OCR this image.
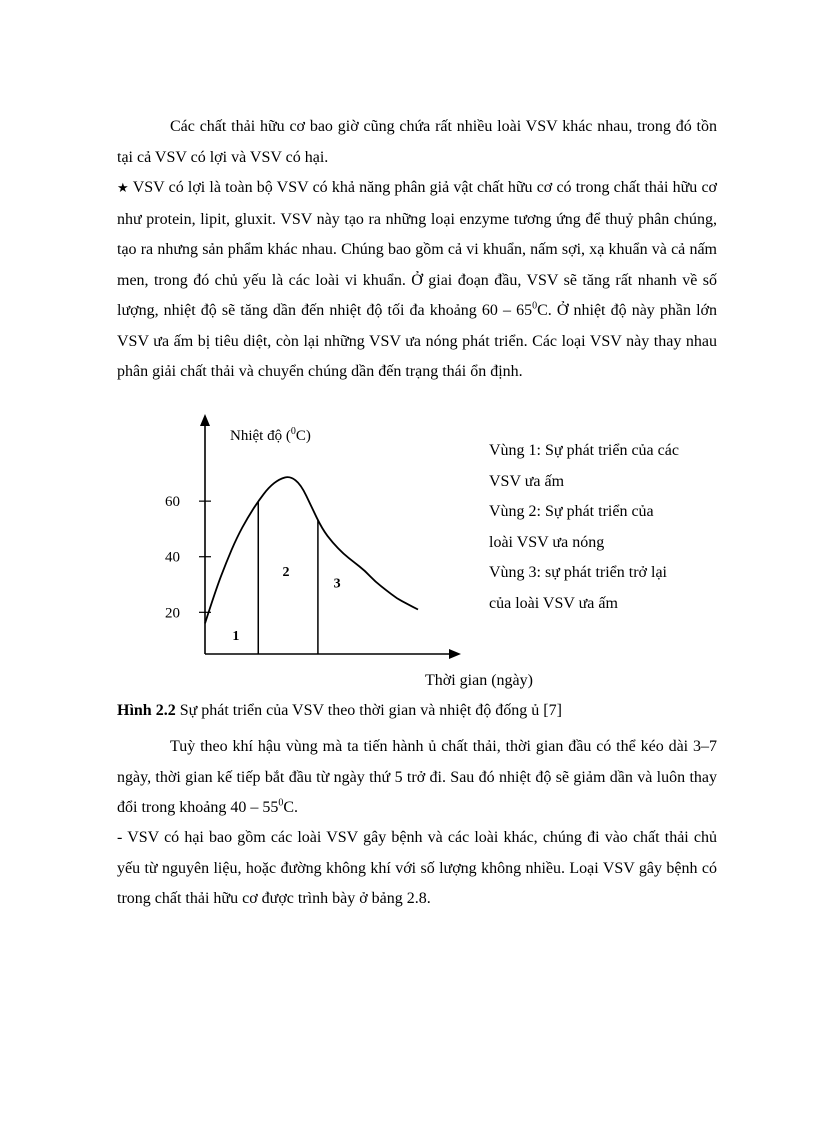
Các chất thải hữu cơ bao giờ cũng chứa rất nhiều loài VSV khác nhau, trong đó tồn tại cả VSV có lợi và VSV có hại.

★ VSV có lợi là toàn bộ VSV có khả năng phân giả vật chất hữu cơ có trong chất thải hữu cơ như protein, lipit, gluxit. VSV này tạo ra những loại enzyme tương ứng để thuỷ phân chúng, tạo ra nhưng sản phẩm khác nhau. Chúng bao gồm cả vi khuẩn, nấm sợi, xạ khuẩn và cả nấm men, trong đó chủ yếu là các loài vi khuẩn. Ở giai đoạn đầu, VSV sẽ tăng rất nhanh về số lượng, nhiệt độ sẽ tăng dần đến nhiệt độ tối đa khoảng $60 - 65^0C$. Ở nhiệt độ này phần lớn VSV ưa ấm bị tiêu diệt, còn lại những VSV ưa nóng phát triển. Các loại VSV này thay nhau phân giải chất thải và chuyển chúng dần đến trạng thái ổn định.

Nhiệt độ ($^0$C)
20
40
60
1
2
3
Thời gian (ngày)
Vùng 1: Sự phát triển của các
VSV ưa ấm
Vùng 2: Sự phát triển của
loài VSV ưa nóng
Vùng 3: sự phát triển trở lại
của loài VSV ưa ấm

Hình 2.2 Sự phát triển của VSV theo thời gian và nhiệt độ đống ủ [7]

Tuỳ theo khí hậu vùng mà ta tiến hành ủ chất thải, thời gian đầu có thể kéo dài 3–7 ngày, thời gian kế tiếp bắt đầu từ ngày thứ 5 trở đi. Sau đó nhiệt độ sẽ giảm dần và luôn thay đổi trong khoảng $40 - 55^0C$.

- VSV có hại bao gồm các loài VSV gây bệnh và các loài khác, chúng đi vào chất thải chủ yếu từ nguyên liệu, hoặc đường không khí với số lượng không nhiều. Loại VSV gây bệnh có trong chất thải hữu cơ được trình bày ở bảng 2.8.
